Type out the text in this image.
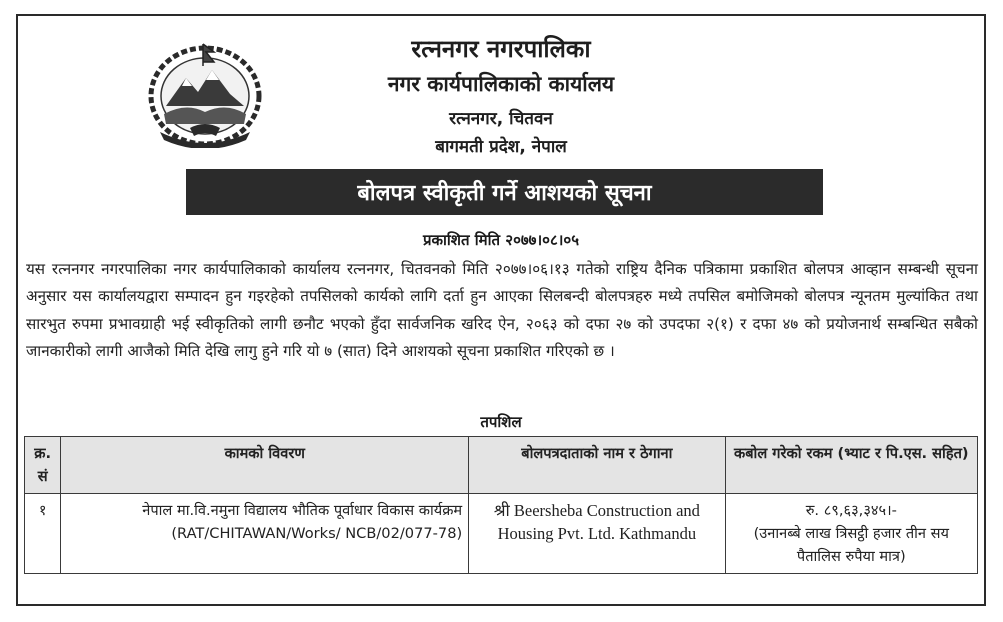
रत्ननगर नगरपालिका
नगर कार्यपालिकाको कार्यालय
रत्ननगर, चितवन
बागमती प्रदेश, नेपाल
बोलपत्र स्वीकृती गर्ने आशयको सूचना
प्रकाशित मिति २०७७।०८।०५

यस रत्ननगर नगरपालिका नगर कार्यपालिकाको कार्यालय रत्ननगर, चितवनको मिति २०७७।०६।१३ गतेको राष्ट्रिय दैनिक पत्रिकामा प्रकाशित बोलपत्र आव्हान सम्बन्धी सूचना अनुसार यस कार्यालयद्वारा सम्पादन हुन गइरहेको तपसिलको कार्यको लागि दर्ता हुन आएका सिलबन्दी बोलपत्रहरु मध्ये तपसिल बमोजिमको बोलपत्र न्यूनतम मुल्यांकित तथा सारभुत रुपमा प्रभावग्राही भई स्वीकृतिको लागी छनौट भएको हुँदा सार्वजनिक खरिद ऐन, २०६३ को दफा २७ को उपदफा २(१) र दफा ४७ को प्रयोजनार्थ सम्बन्धित सबैको जानकारीको लागी आजैको मिति देखि लागु हुने गरि यो ७ (सात) दिने आशयको सूचना प्रकाशित गरिएको छ ।

तपशिल
क्र. सं	कामको विवरण	बोलपत्रदाताको नाम र ठेगाना	कबोल गरेको रकम (भ्याट र पि.एस. सहित)
१	नेपाल मा.वि.नमुना विद्यालय भौतिक पूर्वाधार विकास कार्यक्रम (RAT/CHITAWAN/Works/ NCB/02/077-78)	श्री Beersheba Construction and Housing Pvt. Ltd. Kathmandu	रु. ८९,६३,३४५।-
(उनानब्बे लाख त्रिसट्ठी हजार तीन सय पैतालिस रुपैया मात्र)
